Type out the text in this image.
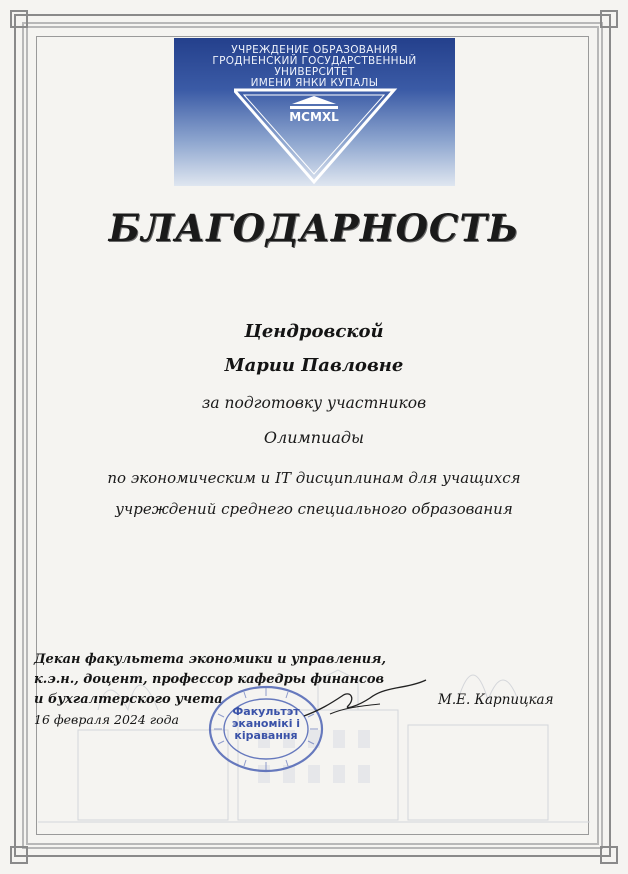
УЧРЕЖДЕНИЕ ОБРАЗОВАНИЯ
ГРОДНЕНСКИЙ ГОСУДАРСТВЕННЫЙ
УНИВЕРСИТЕТ
ИМЕНИ ЯНКИ КУПАЛЫ
MCMXL
БЛАГОДАРНОСТЬ
Цендровской
Марии Павловне
за подготовку участников
Олимпиады
по экономическим и IT дисциплинам для учащихся
учреждений среднего специального образования
Декан факультета экономики и управления,
к.э.н., доцент, профессор кафедры финансов
и бухгалтерского учета
16 февраля 2024 года
М.Е. Карпицкая
Факультэт
эканомікі і
кіравання
